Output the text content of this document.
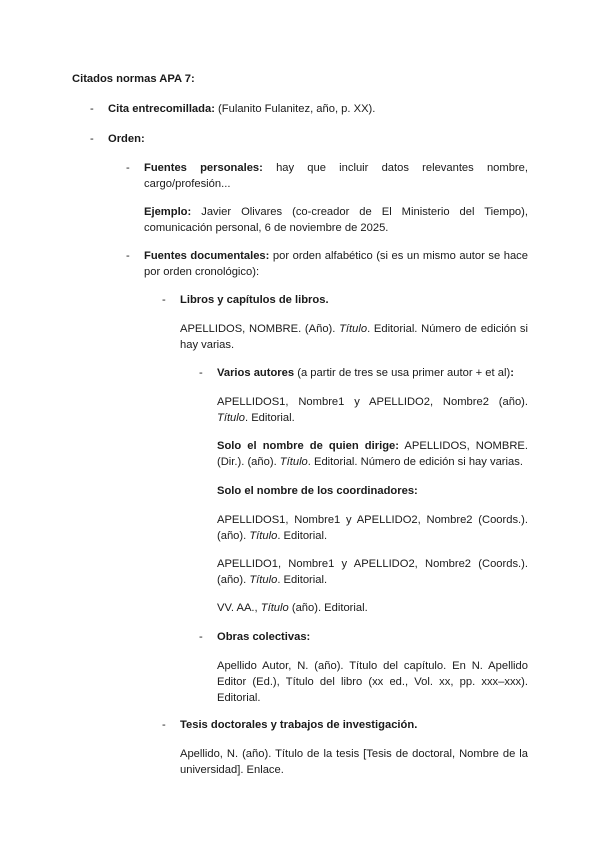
Citados normas APA 7:
- Cita entrecomillada: (Fulanito Fulanitez, año, p. XX).
- Orden:
- Fuentes personales: hay que incluir datos relevantes nombre, cargo/profesión...
Ejemplo: Javier Olivares (co-creador de El Ministerio del Tiempo), comunicación personal, 6 de noviembre de 2025.
- Fuentes documentales: por orden alfabético (si es un mismo autor se hace por orden cronológico):
- Libros y capítulos de libros.
APELLIDOS, NOMBRE. (Año). Título. Editorial. Número de edición si hay varias.
- Varios autores (a partir de tres se usa primer autor + et al):
APELLIDOS1, Nombre1 y APELLIDO2, Nombre2 (año). Título. Editorial.
Solo el nombre de quien dirige: APELLIDOS, NOMBRE. (Dir.). (año). Título. Editorial. Número de edición si hay varias.
Solo el nombre de los coordinadores:
APELLIDOS1, Nombre1 y APELLIDO2, Nombre2 (Coords.). (año). Título. Editorial.
APELLIDO1, Nombre1 y APELLIDO2, Nombre2 (Coords.). (año). Título. Editorial.
VV. AA., Título (año). Editorial.
- Obras colectivas:
Apellido Autor, N. (año). Título del capítulo. En N. Apellido Editor (Ed.), Título del libro (xx ed., Vol. xx, pp. xxx–xxx). Editorial.
- Tesis doctorales y trabajos de investigación.
Apellido, N. (año). Título de la tesis [Tesis de doctoral, Nombre de la universidad]. Enlace.
